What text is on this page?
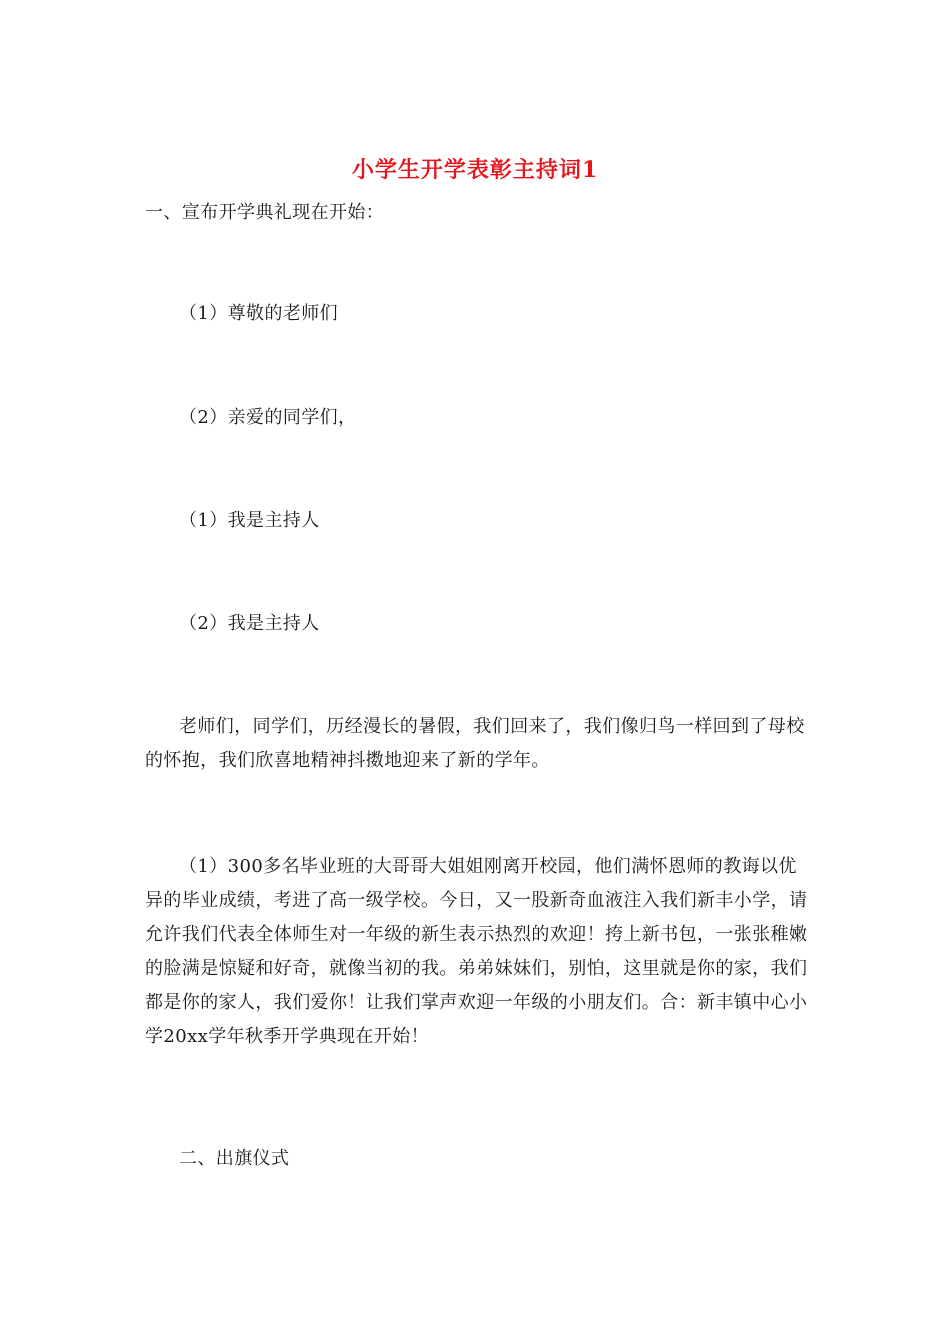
小学生开学表彰主持词1

一、宣布开学典礼现在开始：

（1）尊敬的老师们

（2）亲爱的同学们，

（1）我是主持人

（2）我是主持人

老师们，同学们，历经漫长的暑假，我们回来了，我们像归鸟一样回到了母校的怀抱，我们欣喜地精神抖擞地迎来了新的学年。

（1）300多名毕业班的大哥哥大姐姐刚离开校园，他们满怀恩师的教诲以优异的毕业成绩，考进了高一级学校。今日，又一股新奇血液注入我们新丰小学，请允许我们代表全体师生对一年级的新生表示热烈的欢迎！挎上新书包，一张张稚嫩的脸满是惊疑和好奇，就像当初的我。弟弟妹妹们，别怕，这里就是你的家，我们都是你的家人，我们爱你！让我们掌声欢迎一年级的小朋友们。合：新丰镇中心小学20xx学年秋季开学典现在开始！

二、出旗仪式
